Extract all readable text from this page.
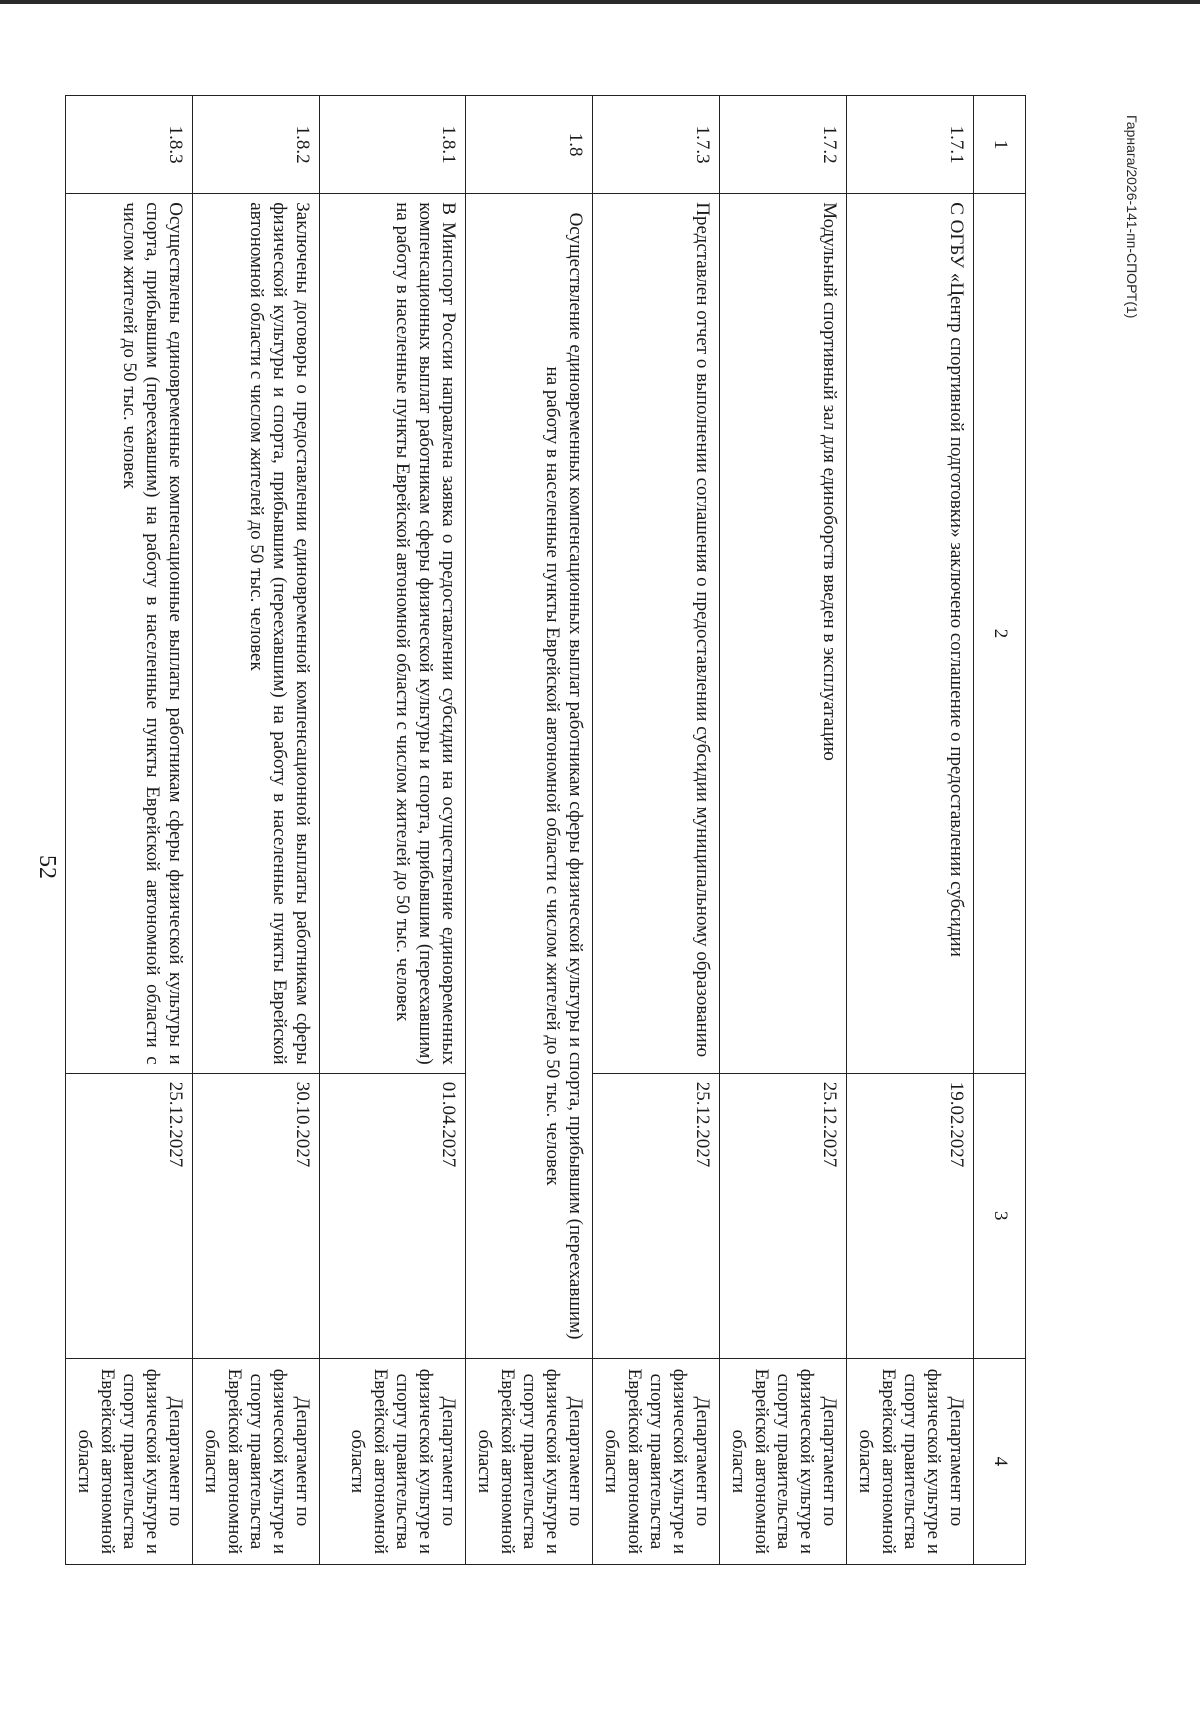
52
1	2	3	4
1.7.1	С ОГБУ «Центр спортивной подготовки» заключено соглашение о предоставлении субсидии	19.02.2027	Департамент по физической культуре и спорту правительства Еврейской автономной области
1.7.2	Модульный спортивный зал для единоборств введен в эксплуатацию	25.12.2027	Департамент по физической культуре и спорту правительства Еврейской автономной области
1.7.3	Представлен отчет о выполнении соглашения о предоставлении субсидии муниципальному образованию	25.12.2027	Департамент по физической культуре и спорту правительства Еврейской автономной области
1.8	Осуществление единовременных компенсационных выплат работникам сферы физической культуры и спорта, прибывшим (переехавшим) на работу в населенные пункты Еврейской автономной области с числом жителей до 50 тыс. человек		Департамент по физической культуре и спорту правительства Еврейской автономной области
1.8.1	В Минспорт России направлена заявка о предоставлении субсидии на осуществление единовременных компенсационных выплат работникам сферы физической культуры и спорта, прибывшим (переехавшим) на работу в населенные пункты Еврейской автономной области с числом жителей до 50 тыс. человек	01.04.2027	Департамент по физической культуре и спорту правительства Еврейской автономной области
1.8.2	Заключены договоры о предоставлении единовременной компенсационной выплаты работникам сферы физической культуры и спорта, прибывшим (переехавшим) на работу в населенные пункты Еврейской автономной области с числом жителей до 50 тыс. человек	30.10.2027	Департамент по физической культуре и спорту правительства Еврейской автономной области
1.8.3	Осуществлены единовременные компенсационные выплаты работникам сферы физической культуры и спорта, прибывшим (переехавшим) на работу в населенные пункты Еврейской автономной области с числом жителей до 50 тыс. человек	25.12.2027	Департамент по физической культуре и спорту правительства Еврейской автономной области
Гарнага/2026-141-пп-СПОРТ(1)
